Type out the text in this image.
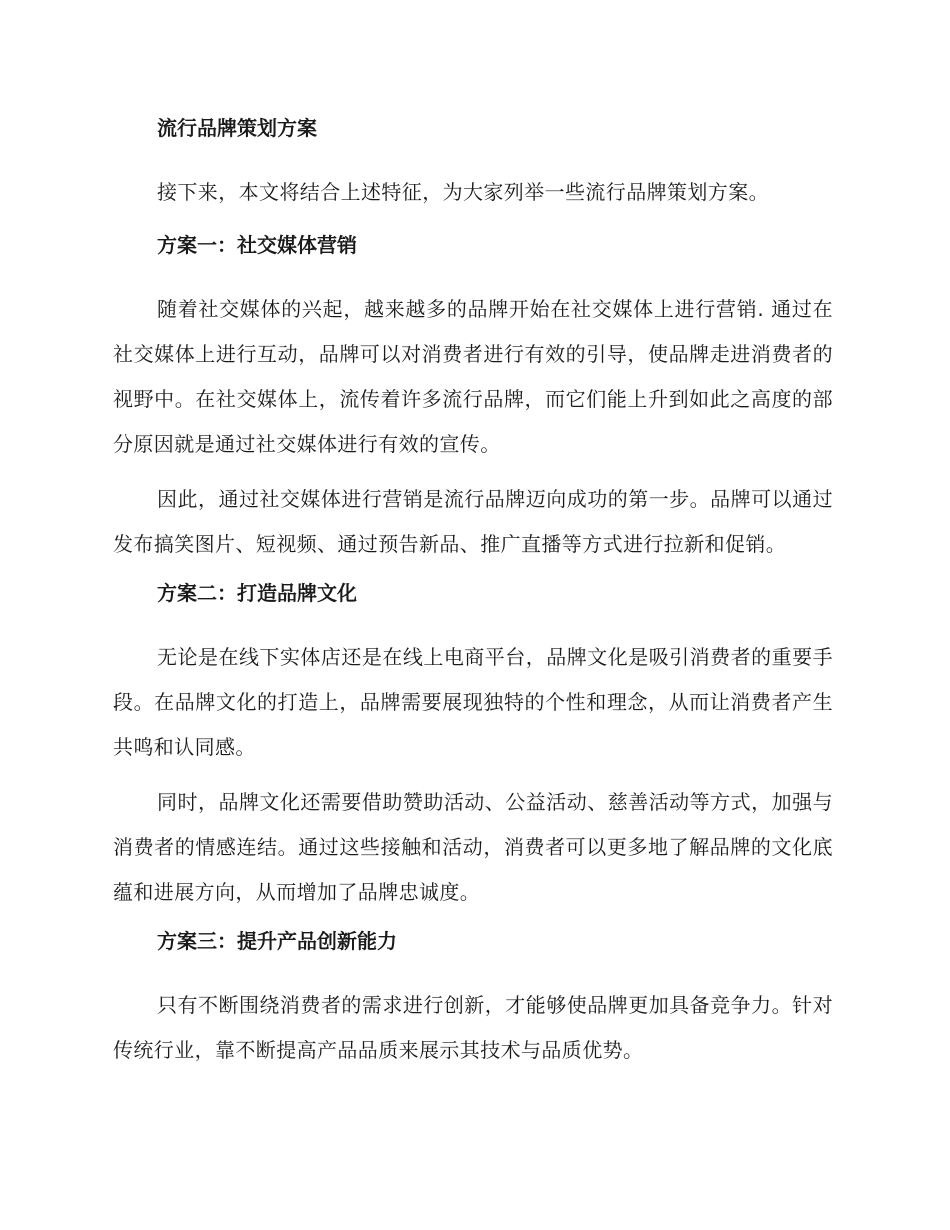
流行品牌策划方案

接下来，本文将结合上述特征，为大家列举一些流行品牌策划方案。

方案一：社交媒体营销

随着社交媒体的兴起，越来越多的品牌开始在社交媒体上进行营销. 通过在社交媒体上进行互动，品牌可以对消费者进行有效的引导，使品牌走进消费者的视野中。在社交媒体上，流传着许多流行品牌，而它们能上升到如此之高度的部分原因就是通过社交媒体进行有效的宣传。

因此，通过社交媒体进行营销是流行品牌迈向成功的第一步。品牌可以通过发布搞笑图片、短视频、通过预告新品、推广直播等方式进行拉新和促销。

方案二：打造品牌文化

无论是在线下实体店还是在线上电商平台，品牌文化是吸引消费者的重要手段。在品牌文化的打造上，品牌需要展现独特的个性和理念，从而让消费者产生共鸣和认同感。

同时，品牌文化还需要借助赞助活动、公益活动、慈善活动等方式，加强与消费者的情感连结。通过这些接触和活动，消费者可以更多地了解品牌的文化底蕴和进展方向，从而增加了品牌忠诚度。

方案三：提升产品创新能力

只有不断围绕消费者的需求进行创新，才能够使品牌更加具备竞争力。针对传统行业，靠不断提高产品品质来展示其技术与品质优势。
